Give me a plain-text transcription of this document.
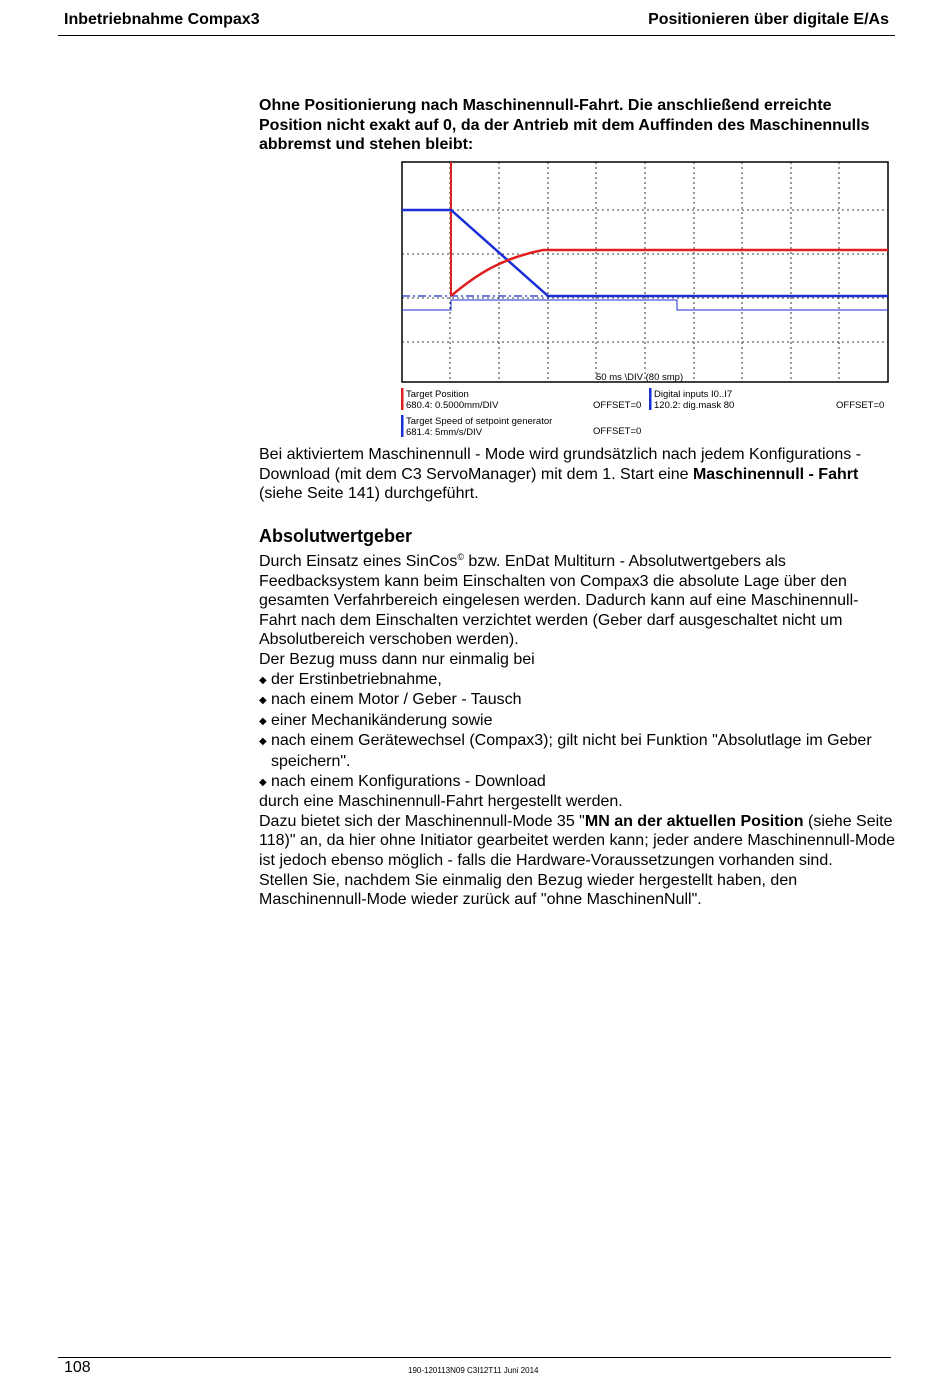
Inbetriebnahme Compax3	Positionieren über digitale E/As
Ohne Positionierung nach Maschinennull-Fahrt. Die anschließend erreichte Position nicht exakt auf 0, da der Antrieb mit dem Auffinden des Maschinennulls abbremst und stehen bleibt:
50 ms \DIV (80 smp)
Target Position
680.4: 0.5000mm/DIV	OFFSET=0
Digital inputs I0..I7
120.2: dig.mask 80	OFFSET=0
Target Speed of setpoint generator
681.4: 5mm/s/DIV	OFFSET=0
Bei aktiviertem Maschinennull - Mode wird grundsätzlich nach jedem Konfigurations - Download (mit dem C3 ServoManager) mit dem 1. Start eine Maschinennull - Fahrt (siehe Seite 141) durchgeführt.
Absolutwertgeber
Durch Einsatz eines SinCos© bzw. EnDat Multiturn - Absolutwertgebers als Feedbacksystem kann beim Einschalten von Compax3 die absolute Lage über den gesamten Verfahrbereich eingelesen werden. Dadurch kann auf eine Maschinennull-Fahrt nach dem Einschalten verzichtet werden (Geber darf ausgeschaltet nicht um Absolutbereich verschoben werden).
Der Bezug muss dann nur einmalig bei
◆ der Erstinbetriebnahme,
◆ nach einem Motor / Geber - Tausch
◆ einer Mechanikänderung sowie
◆ nach einem Gerätewechsel (Compax3); gilt nicht bei Funktion "Absolutlage im Geber speichern".
◆ nach einem Konfigurations - Download
durch eine Maschinennull-Fahrt hergestellt werden.
Dazu bietet sich der Maschinennull-Mode 35 "MN an der aktuellen Position (siehe Seite 118)" an, da hier ohne Initiator gearbeitet werden kann; jeder andere Maschinennull-Mode ist jedoch ebenso möglich - falls die Hardware-Voraussetzungen vorhanden sind.
Stellen Sie, nachdem Sie einmalig den Bezug wieder hergestellt haben, den Maschinennull-Mode wieder zurück auf "ohne MaschinenNull".
108	190-120113N09 C3I12T11 Juni 2014
